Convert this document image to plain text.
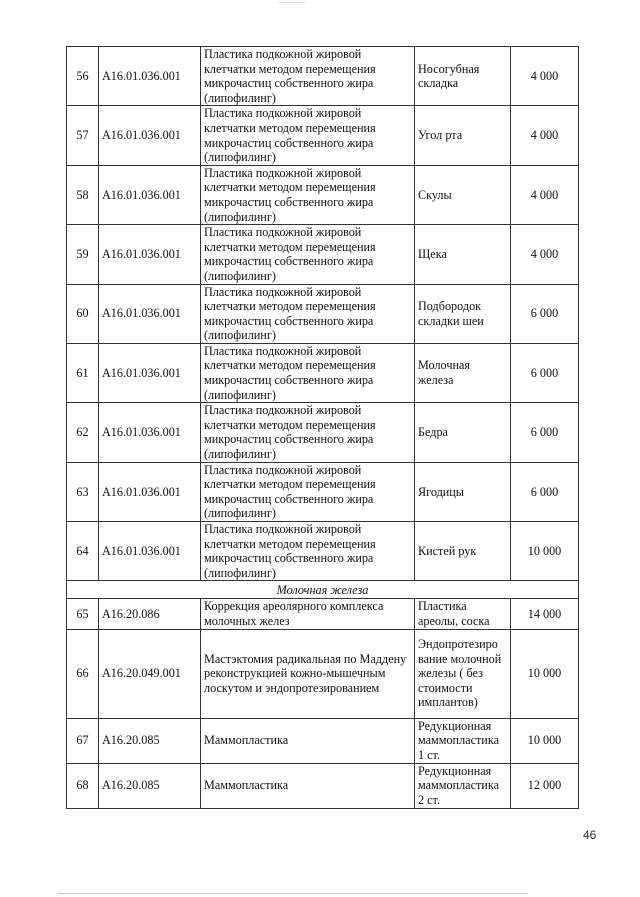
56	A16.01.036.001	Пластика подкожной жировой клетчатки методом перемещения микрочастиц собственного жира (липофилинг)	Носогубная складка	4 000
57	A16.01.036.001	Пластика подкожной жировой клетчатки методом перемещения микрочастиц собственного жира (липофилинг)	Угол рта	4 000
58	A16.01.036.001	Пластика подкожной жировой клетчатки методом перемещения микрочастиц собственного жира (липофилинг)	Скулы	4 000
59	A16.01.036.001	Пластика подкожной жировой клетчатки методом перемещения микрочастиц собственного жира (липофилинг)	Щека	4 000
60	A16.01.036.001	Пластика подкожной жировой клетчатки методом перемещения микрочастиц собственного жира (липофилинг)	Подбородок складки шеи	6 000
61	A16.01.036.001	Пластика подкожной жировой клетчатки методом перемещения микрочастиц собственного жира (липофилинг)	Молочная железа	6 000
62	A16.01.036.001	Пластика подкожной жировой клетчатки методом перемещения микрочастиц собственного жира (липофилинг)	Бедра	6 000
63	A16.01.036.001	Пластика подкожной жировой клетчатки методом перемещения микрочастиц собственного жира (липофилинг)	Ягодицы	6 000
64	A16.01.036.001	Пластика подкожной жировой клетчатки методом перемещения микрочастиц собственного жира (липофилинг)	Кистей рук	10 000
Молочная железа				
65	A16.20.086	Коррекция ареолярного комплекса молочных желез	Пластика ареолы, соска	14 000
66	A16.20.049.001	Мастэктомия радикальная по Маддену реконструкцией кожно-мышечным лоскутом и эндопротезированием	Эндопротезиро вание молочной железы ( без стоимости имплантов)	10 000
67	A16.20.085	Маммопластика	Редукционная маммопластика 1 ст.	10 000
68	A16.20.085	Маммопластика	Редукционная маммопластика 2 ст.	12 000
46
